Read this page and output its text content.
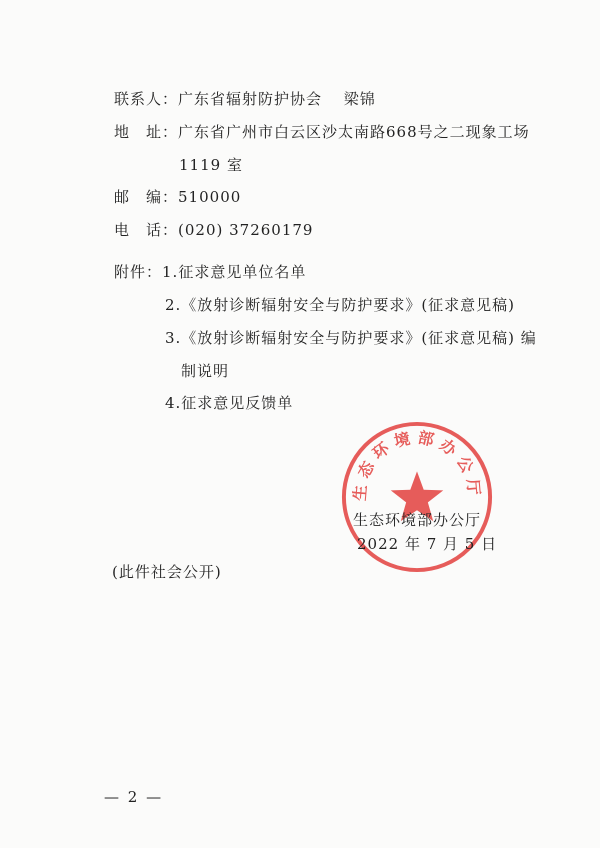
联系人：广东省辐射防护协会　 梁锦
地　址：广东省广州市白云区沙太南路668号之二现象工场
1119 室
邮　编：510000
电　话：(020) 37260179
附件：1.征求意见单位名单
2.《放射诊断辐射安全与防护要求》(征求意见稿)
3.《放射诊断辐射安全与防护要求》(征求意见稿) 编
制说明
4.征求意见反馈单
生态环境部办公厅
生态环境部办公厅
2022 年 7 月 5 日
(此件社会公开)
— 2 —
